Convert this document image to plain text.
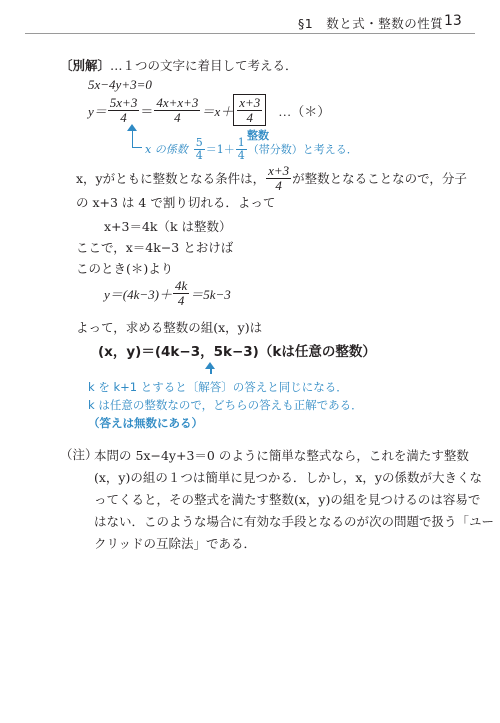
§1　数と式・整数の性質 13
〔別解〕…１つの文字に着目して考える．
5x−4y+3=0
$y= \frac{5x+3}{4} = \frac{4x+x+3}{4} =x+ \frac{x+3}{4}$ …（＊）
整数
x の係数 $\frac{5}{4} =1+ \frac{1}{4}$ （帯分数）と考える．
x，yがともに整数となる条件は， $\frac{x+3}{4}$ が整数となることなので，分子
の x+3 は 4 で割り切れる．よって
x+3＝4k（k は整数）
ここで，x＝4k−3 とおけば
このとき(＊)より
$y=(4k-3)+ \frac{4k}{4} =5k-3$
よって，求める整数の組(x，y)は
(x，y)＝(4k−3，5k−3)（kは任意の整数）
k を k+1 とすると〔解答〕の答えと同じになる．
k は任意の整数なので，どちらの答えも正解である．
（答えは無数にある）
（注）
本問の 5x−4y+3＝0 のように簡単な整式なら，これを満たす整数
(x，y)の組の１つは簡単に見つかる．しかし，x，yの係数が大きくな
ってくると，その整式を満たす整数(x，y)の組を見つけるのは容易で
はない．このような場合に有効な手段となるのが次の問題で扱う「ユー
クリッドの互除法」である．
